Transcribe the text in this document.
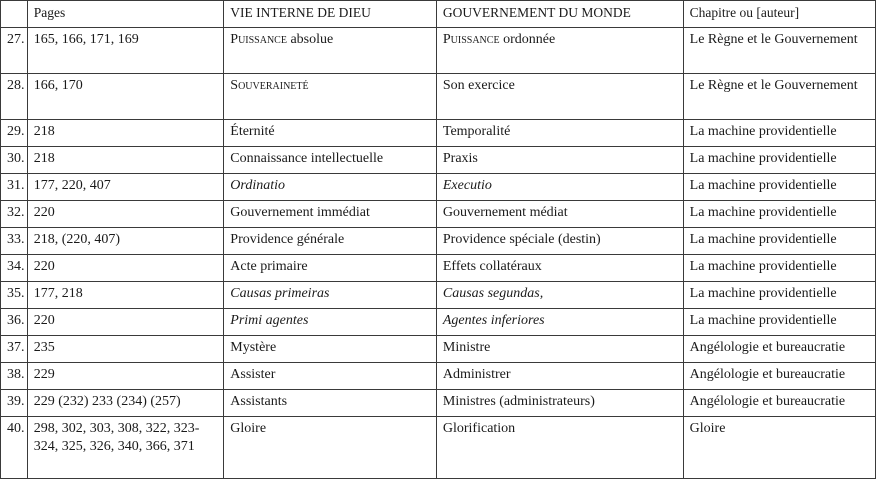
	Pages	VIE INTERNE DE DIEU	GOUVERNEMENT DU MONDE	Chapitre ou [auteur]
27.	165, 166, 171, 169	Puissance absolue	Puissance ordonnée	Le Règne et le Gouvernement
28.	166, 170	Souveraineté	Son exercice	Le Règne et le Gouvernement
29.	218	Éternité	Temporalité	La machine providentielle
30.	218	Connaissance intellectuelle	Praxis	La machine providentielle
31.	177, 220, 407	Ordinatio	Executio	La machine providentielle
32.	220	Gouvernement immédiat	Gouvernement médiat	La machine providentielle
33.	218, (220, 407)	Providence générale	Providence spéciale (destin)	La machine providentielle
34.	220	Acte primaire	Effets collatéraux	La machine providentielle
35.	177, 218	Causas primeiras	Causas segundas,	La machine providentielle
36.	220	Primi agentes	Agentes inferiores	La machine providentielle
37.	235	Mystère	Ministre	Angélologie et bureaucratie
38.	229	Assister	Administrer	Angélologie et bureaucratie
39.	229 (232) 233 (234) (257)	Assistants	Ministres (administrateurs)	Angélologie et bureaucratie
40.	298, 302, 303, 308, 322, 323-324, 325, 326, 340, 366, 371	Gloire	Glorification	Gloire
